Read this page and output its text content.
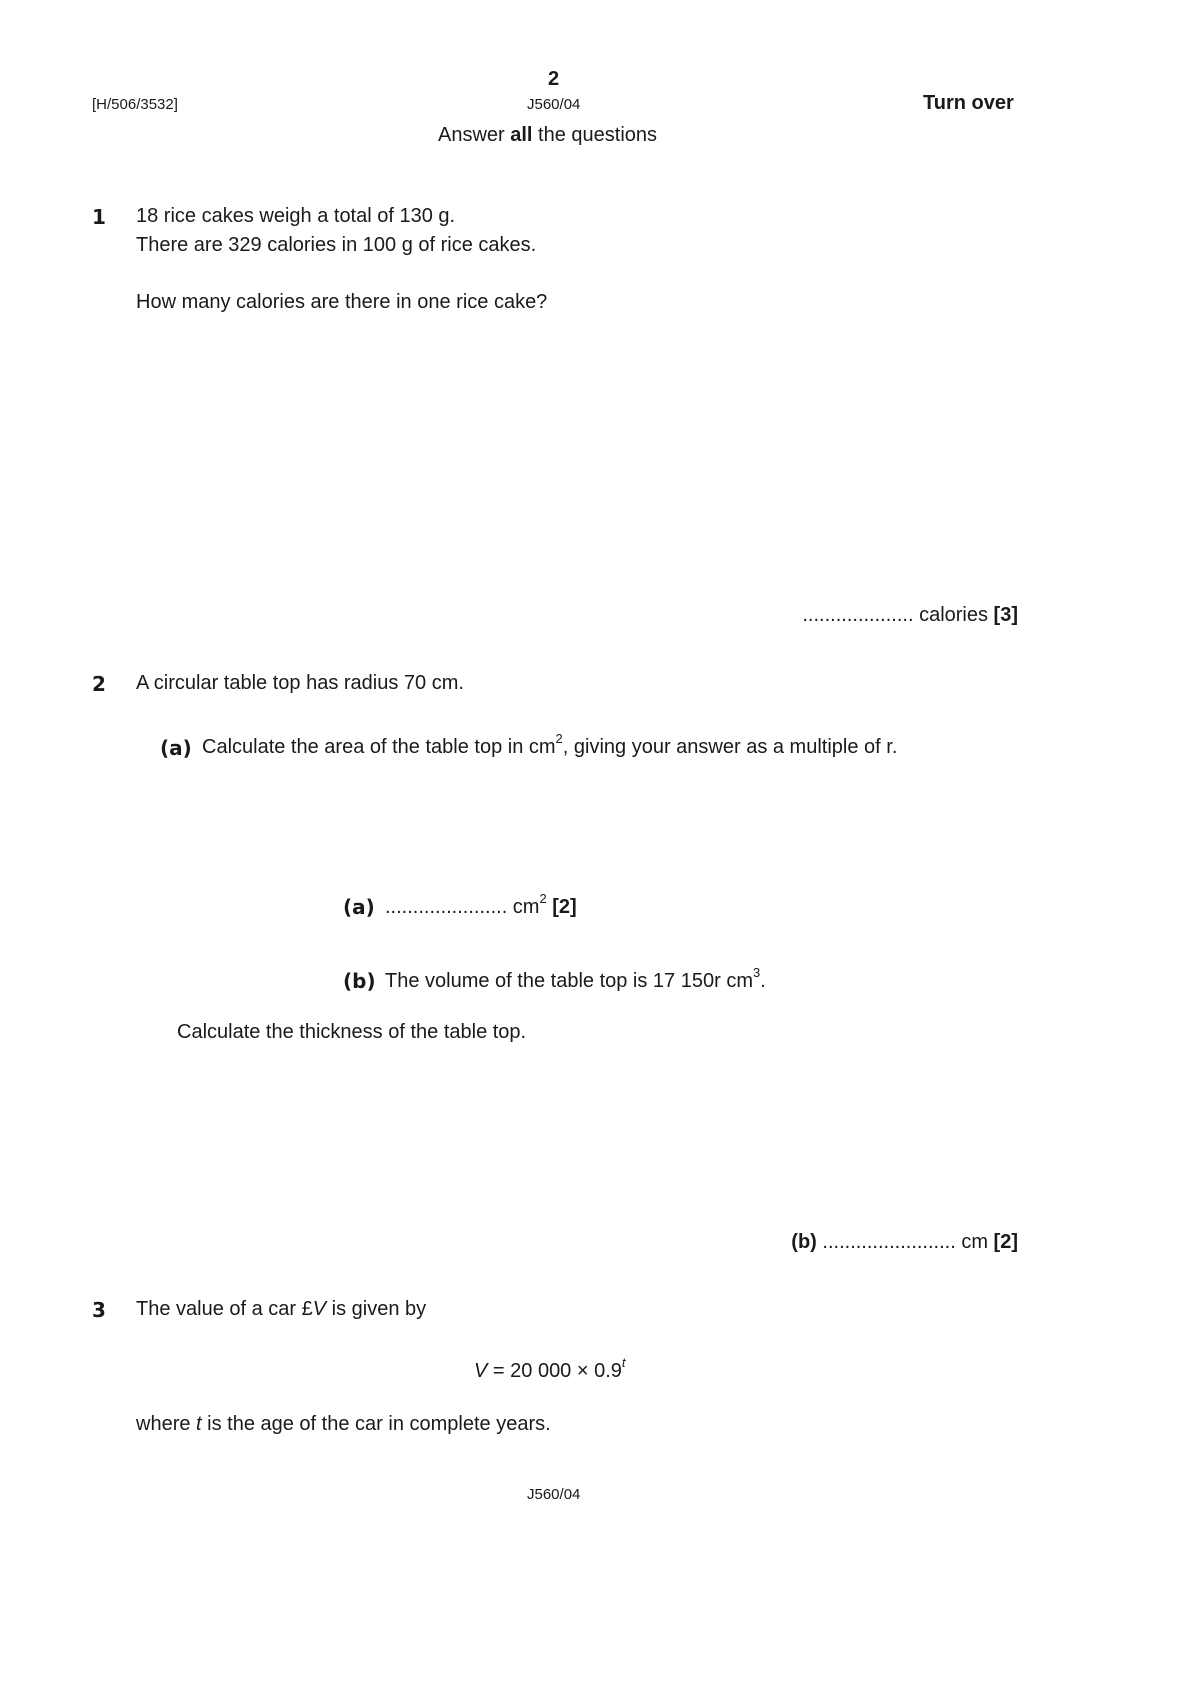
2
[H/506/3532]	J560/04	Turn over
Answer all the questions
1 18 rice cakes weigh a total of 130 g.
There are 329 calories in 100 g of rice cakes.
How many calories are there in one rice cake?
.................... calories [3]
2 A circular table top has radius 70 cm.
(a) Calculate the area of the table top in $cm^2$, giving your answer as a multiple of r.
(a) ...................... $cm^2$ [2]
(b) The volume of the table top is 17 150r $cm^3$.
Calculate the thickness of the table top.
(b) ........................ cm [2]
3 The value of a car £V is given by
V = 20 $000 \times 0.9^t$
where t is the age of the car in complete years.
J560/04
